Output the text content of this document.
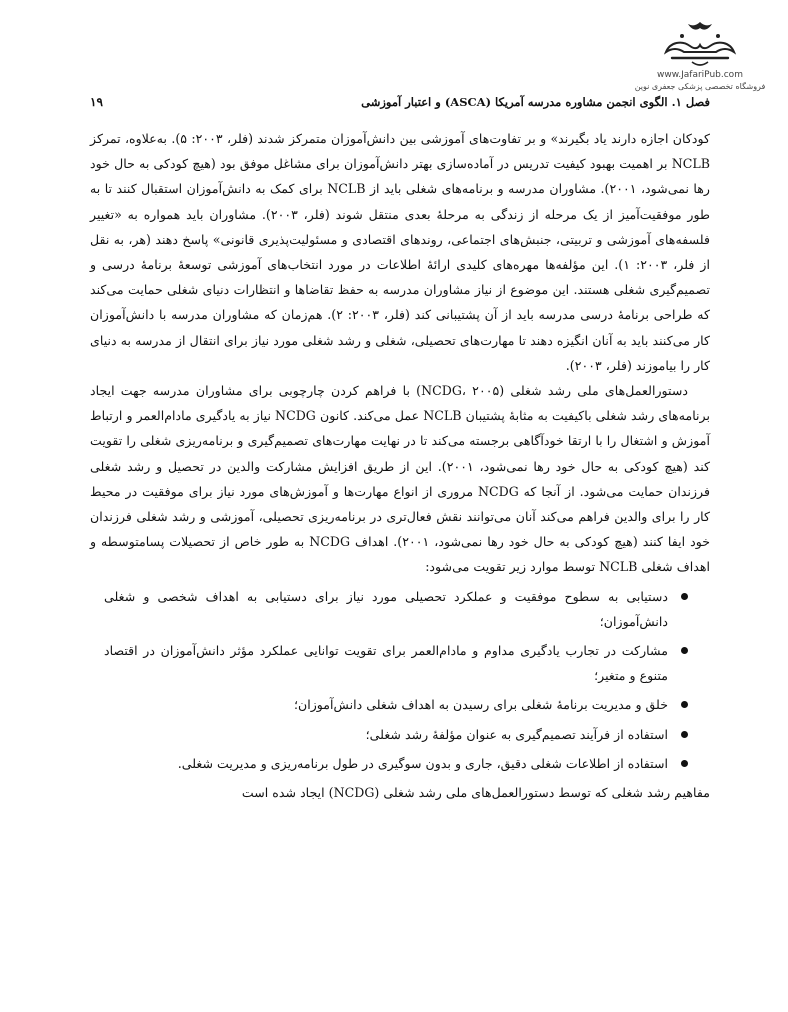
www.JafariPub.com
فروشگاه تخصصی پزشکی جعفری نوین
فصل ۱. الگوی انجمن مشاوره مدرسه آمریکا (ASCA) و اعتبار آموزشی
۱۹

کودکان اجازه دارند یاد بگیرند» و بر تفاوت‌های آموزشی بین دانش‌آموزان متمرکز شدند (فلر، ۲۰۰۳: ۵). به‌علاوه، تمرکز NCLB بر اهمیت بهبود کیفیت تدریس در آماده‌سازی بهتر دانش‌آموزان برای مشاغل موفق بود (هیچ کودکی به حال خود رها نمی‌شود، ۲۰۰۱). مشاوران مدرسه و برنامه‌های شغلی باید از NCLB برای کمک به دانش‌آموزان استقبال کنند تا به طور موفقیت‌آمیز از یک مرحله از زندگی به مرحلهٔ بعدی منتقل شوند (فلر، ۲۰۰۳). مشاوران باید همواره به «تغییر فلسفه‌های آموزشی و تربیتی، جنبش‌های اجتماعی، روندهای اقتصادی و مسئولیت‌پذیری قانونی» پاسخ دهند (هر، به نقل از فلر، ۲۰۰۳: ۱). این مؤلفه‌ها مهره‌های کلیدی ارائهٔ اطلاعات در مورد انتخاب‌های آموزشی توسعهٔ برنامهٔ درسی و تصمیم‌گیری شغلی هستند. این موضوع از نیاز مشاوران مدرسه به حفظ تقاضاها و انتظارات دنیای شغلی حمایت می‌کند که طراحی برنامهٔ درسی مدرسه باید از آن پشتیبانی کند (فلر، ۲۰۰۳: ۲). هم‌زمان که مشاوران مدرسه با دانش‌آموزان کار می‌کنند باید به آنان انگیزه دهند تا مهارت‌های تحصیلی، شغلی و رشد شغلی مورد نیاز برای انتقال از مدرسه به دنیای کار را بیاموزند (فلر، ۲۰۰۳).

دستورالعمل‌های ملی رشد شغلی (NCDG، ۲۰۰۵) با فراهم کردن چارچوبی برای مشاوران مدرسه جهت ایجاد برنامه‌های رشد شغلی باکیفیت به مثابهٔ پشتیبان NCLB عمل می‌کند. کانون NCDG نیاز به یادگیری مادام‌العمر و ارتباط آموزش و اشتغال را با ارتقا خودآگاهی برجسته می‌کند تا در نهایت مهارت‌های تصمیم‌گیری و برنامه‌ریزی شغلی را تقویت کند (هیچ کودکی به حال خود رها نمی‌شود، ۲۰۰۱). این از طریق افزایش مشارکت والدین در تحصیل و رشد شغلی فرزندان حمایت می‌شود. از آنجا که NCDG مروری از انواع مهارت‌ها و آموزش‌های مورد نیاز برای موفقیت در محیط کار را برای والدین فراهم می‌کند آنان می‌توانند نقش فعال‌تری در برنامه‌ریزی تحصیلی، آموزشی و رشد شغلی فرزندان خود ایفا کنند (هیچ کودکی به حال خود رها نمی‌شود، ۲۰۰۱). اهداف NCDG به طور خاص از تحصیلات پسامتوسطه و اهداف شغلی NCLB توسط موارد زیر تقویت می‌شود:

دستیابی به سطوح موفقیت و عملکرد تحصیلی مورد نیاز برای دستیابی به اهداف شخصی و شغلی دانش‌آموزان؛
مشارکت در تجارب یادگیری مداوم و مادام‌العمر برای تقویت توانایی عملکرد مؤثر دانش‌آموزان در اقتصاد متنوع و متغیر؛
خلق و مدیریت برنامهٔ شغلی برای رسیدن به اهداف شغلی دانش‌آموزان؛
استفاده از فرآیند تصمیم‌گیری به عنوان مؤلفهٔ رشد شغلی؛
استفاده از اطلاعات شغلی دقیق، جاری و بدون سوگیری در طول برنامه‌ریزی و مدیریت شغلی.

مفاهیم رشد شغلی که توسط دستورالعمل‌های ملی رشد شغلی (NCDG) ایجاد شده است
